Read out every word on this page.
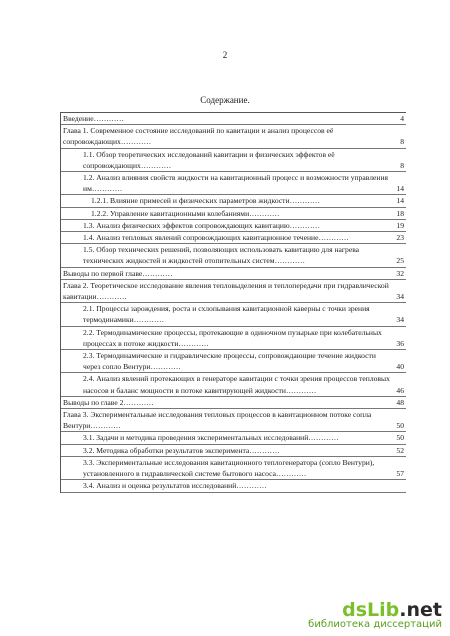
2
Содержание.
Введение…………	4
Глава 1. Современное состояние исследований по кавитации и анализ процессов её сопровождающих…………	8
1.1. Обзор теоретических исследований кавитации и физических эффектов её сопровождающих…………	8
1.2. Анализ влияния свойств жидкости на кавитационный процесс и возможности управления им…………	14
1.2.1. Влияние примесей и физических параметров жидкости…………	14
1.2.2. Управление кавитационными колебаниями…………	18
1.3. Анализ физических эффектов сопровождающих кавитацию…………	19
1.4. Анализ тепловых явлений сопровождающих кавитационное течение…………	23
1.5. Обзор технических решений, позволяющих использовать кавитацию для нагрева технических жидкостей и жидкостей отопительных систем…………	25
Выводы по первой главе…………	32
Глава 2. Теоретическое исследование явления тепловыделения и теплопередачи при гидравлической кавитации…………	34
2.1. Процессы зарождения, роста и схлопывания кавитационной каверны с точки зрения термодинамики…………	34
2.2. Термодинамические процессы, протекающие в одиночном пузырьке при колебательных процессах в потоке жидкости…………	36
2.3. Термодинамические и гидравлические процессы, сопровождающие течение жидкости через сопло Вентури…………	40
2.4. Анализ явлений протекающих в генераторе кавитации с точки зрения процессов тепловых насосов и баланс мощности в потоке кавитирующей жидкости…………	46
Выводы по главе 2…………	48
Глава 3. Экспериментальные исследования тепловых процессов в кавитационном потоке сопла Вентури…………	50
3.1. Задачи и методика проведения экспериментальных исследований…………	50
3.2. Методика обработки результатов эксперимента…………	52
3.3. Экспериментальные исследования кавитационного теплогенератора (сопло Вентури), установленного в гидравлической системе бытового насоса…………	57
3.4. Анализ и оценка результатов исследований…………
dsLib.net
библиотека диссертаций
